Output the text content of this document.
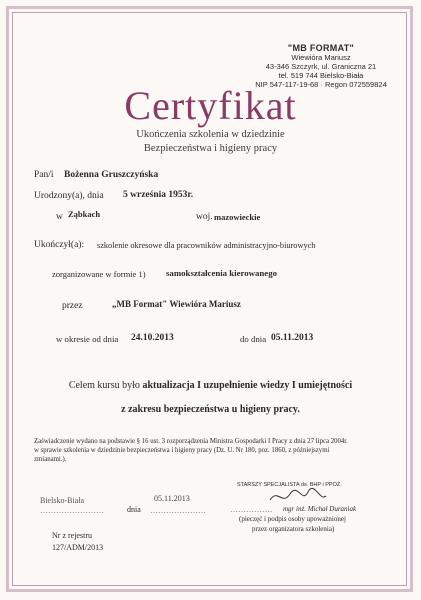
"MB FORMAT"
Wiewióra Mariusz
43-346 Szczyrk, ul. Graniczna 21
tel. 519 744 Bielsko-Biała
NIP 547-117-19-68 · Regon 072559824
Certyfikat
Ukończenia szkolenia w dziedzinie
Bezpieczeństwa i higieny pracy
Pan/i Bożenna Gruszczyńska
Urodzony(a), dnia 5 września 1953r.
w Ząbkach	woj. mazowieckie
Ukończył(a): szkolenie okresowe dla pracowników administracyjno-biurowych
zorganizowane w formie 1) samokształcenia kierowanego
przez	„MB Format" Wiewióra Mariusz
w okresie od dnia 24.10.2013	do dnia 05.11.2013
Celem kursu było aktualizacja I uzupełnienie wiedzy I umiejętności
z zakresu bezpieczeństwa u higieny pracy.
Zaświadczenie wydano na podstawie § 16 ust. 3 rozporządzenia Ministra Gospodarki I Pracy z dnia 27 lipca 2004r.
w sprawie szkolenia w dziedzinie bezpieczeństwa i higieny pracy (Dz. U. Nr 180, poz. 1860, z późniejszymi
zmianami.).
Bielsko-Biała	05.11.2013
……………………	dnia …………………
STARSZY SPECJALISTA ds. BHP i PPOŻ.
……………. mgr inż. Michał Duraniak
(pieczęć i podpis osoby upoważnionej
przez organizatora szkolenia)
Nr z rejestru
127/ADM/2013
